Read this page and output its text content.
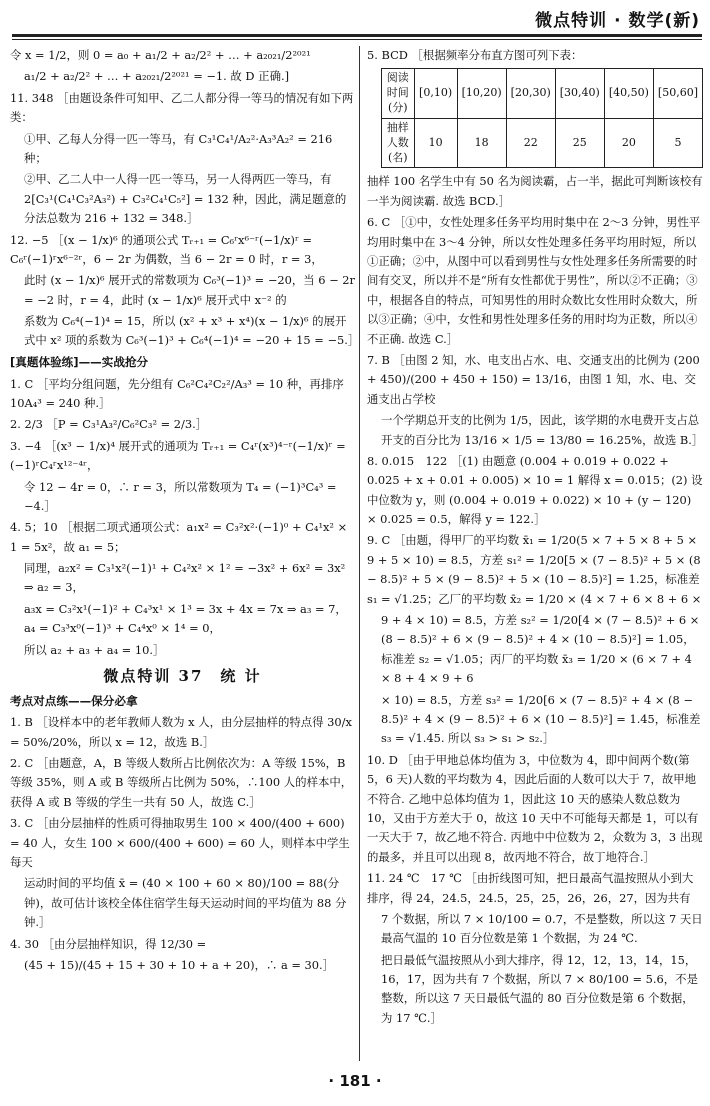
微点特训 · 数学(新)

令 x = 1/2，则 0 = a₀ + a₁/2 + a₂/2² + … + a₂₀₂₁/2²⁰²¹

a₁/2 + a₂/2² + … + a₂₀₂₁/2²⁰²¹ = −1. 故 D 正确.]

11. 348 ［由题设条件可知甲、乙二人都分得一等马的情况有如下两类：

①甲、乙每人分得一匹一等马，有 C₃¹C₄¹/A₂²·A₃³A₂² = 216 种；

②甲、乙二人中一人得一匹一等马，另一人得两匹一等马，有 2[C₃¹(C₄¹C₃²A₃²) + C₃²C₄¹C₅²] = 132 种，因此，满足题意的分法总数为 216 + 132 = 348.］

12. −5 ［(x − 1/x)⁶ 的通项公式 Tᵣ₊₁ = C₆ʳx⁶⁻ʳ(−1/x)ʳ = C₆ʳ(−1)ʳx⁶⁻²ʳ，6 − 2r 为偶数，当 6 − 2r = 0 时，r = 3，

此时 (x − 1/x)⁶ 展开式的常数项为 C₆³(−1)³ = −20，当 6 − 2r = −2 时，r = 4，此时 (x − 1/x)⁶ 展开式中 x⁻² 的

系数为 C₆⁴(−1)⁴ = 15，所以 (x² + x³ + x⁴)(x − 1/x)⁶ 的展开式中 x² 项的系数为 C₆³(−1)³ + C₆⁴(−1)⁴ = −20 + 15 = −5.］

[真题体验练]——实战抢分

1. C ［平均分组问题，先分组有 C₆²C₄²C₂²/A₃³ = 10 种，再排序 10A₄³ = 240 种.］

2. 2/3 ［P = C₃¹A₃²/C₆²C₃² = 2/3.］

3. −4 ［(x³ − 1/x)⁴ 展开式的通项为 Tᵣ₊₁ = C₄ʳ(x³)⁴⁻ʳ(−1/x)ʳ = (−1)ʳC₄ʳx¹²⁻⁴ʳ，

令 12 − 4r = 0，∴ r = 3，所以常数项为 T₄ = (−1)³C₄³ = −4.］

4. 5；10 ［根据二项式通项公式：a₁x² = C₃²x²·(−1)⁰ + C₄¹x² × 1 = 5x²，故 a₁ = 5；

同理，a₂x² = C₃¹x²(−1)¹ + C₄²x² × 1² = −3x² + 6x² = 3x² ⇒ a₂ = 3，

a₃x = C₃²x¹(−1)² + C₄³x¹ × 1³ = 3x + 4x = 7x ⇒ a₃ = 7，a₄ = C₃³x⁰(−1)³ + C₄⁴x⁰ × 1⁴ = 0，

所以 a₂ + a₃ + a₄ = 10.］

微点特训 37　统 计

考点对点练——保分必拿

1. B ［设样本中的老年教师人数为 x 人，由分层抽样的特点得 30/x = 50%/20%，所以 x = 12，故选 B.］

2. C ［由题意，A，B 等级人数所占比例依次为：A 等级 15%，B 等级 35%，则 A 或 B 等级所占比例为 50%，∴100 人的样本中，获得 A 或 B 等级的学生一共有 50 人，故选 C.］

3. C ［由分层抽样的性质可得抽取男生 100 × 400/(400 + 600) = 40 人，女生 100 × 600/(400 + 600) = 60 人，则样本中学生每天

运动时间的平均值 x̄ = (40 × 100 + 60 × 80)/100 = 88(分钟)，故可估计该校全体住宿学生每天运动时间的平均值为 88 分钟.］

4. 30 ［由分层抽样知识，得 12/30 =

(45 + 15)/(45 + 15 + 30 + 10 + a + 20)，∴ a = 30.］

5. BCD ［根据频率分布直方图可列下表：

阅读时间(分)	[0,10)	[10,20)	[20,30)	[30,40)	[40,50)	[50,60]
抽样人数(名)	10	18	22	25	20	5

抽样 100 名学生中有 50 名为阅读霸，占一半，据此可判断该校有一半为阅读霸. 故选 BCD.］

6. C ［①中，女性处理多任务平均用时集中在 2～3 分钟，男性平均用时集中在 3～4 分钟，所以女性处理多任务平均用时短，所以①正确；②中，从图中可以看到男性与女性处理多任务所需要的时间有交叉，所以并不是“所有女性都优于男性”，所以②不正确；③中，根据各自的特点，可知男性的用时众数比女性用时众数大，所以③正确；④中，女性和男性处理多任务的用时均为正数，所以④不正确. 故选 C.］

7. B ［由图 2 知，水、电支出占水、电、交通支出的比例为 (200 + 450)/(200 + 450 + 150) = 13/16，由图 1 知，水、电、交通支出占学校

一个学期总开支的比例为 1/5，因此，该学期的水电费开支占总开支的百分比为 13/16 × 1/5 = 13/80 = 16.25%，故选 B.］

8. 0.015　122 ［(1) 由题意 (0.004 + 0.019 + 0.022 + 0.025 + x + 0.01 + 0.005) × 10 = 1 解得 x = 0.015；(2) 设中位数为 y，则 (0.004 + 0.019 + 0.022) × 10 + (y − 120) × 0.025 = 0.5，解得 y = 122.］

9. C ［由题，得甲厂的平均数 x̄₁ = 1/20(5 × 7 + 5 × 8 + 5 × 9 + 5 × 10) = 8.5，方差 s₁² = 1/20[5 × (7 − 8.5)² + 5 × (8 − 8.5)² + 5 × (9 − 8.5)² + 5 × (10 − 8.5)²] = 1.25，标准差 s₁ = √1.25；乙厂的平均数 x̄₂ = 1/20 × (4 × 7 + 6 × 8 + 6 ×

9 + 4 × 10) = 8.5，方差 s₂² = 1/20[4 × (7 − 8.5)² + 6 × (8 − 8.5)² + 6 × (9 − 8.5)² + 4 × (10 − 8.5)²] = 1.05，标准差 s₂ = √1.05；丙厂的平均数 x̄₃ = 1/20 × (6 × 7 + 4 × 8 + 4 × 9 + 6

× 10) = 8.5，方差 s₃² = 1/20[6 × (7 − 8.5)² + 4 × (8 − 8.5)² + 4 × (9 − 8.5)² + 6 × (10 − 8.5)²] = 1.45，标准差 s₃ = √1.45. 所以 s₃ > s₁ > s₂.］

10. D ［由于甲地总体均值为 3，中位数为 4，即中间两个数(第 5，6 天)人数的平均数为 4，因此后面的人数可以大于 7，故甲地不符合. 乙地中总体均值为 1，因此这 10 天的感染人数总数为 10，又由于方差大于 0，故这 10 天中不可能每天都是 1，可以有一天大于 7，故乙地不符合. 丙地中中位数为 2，众数为 3，3 出现的最多，并且可以出现 8，故丙地不符合，故丁地符合.］

11. 24 ℃　17 ℃ ［由折线图可知，把日最高气温按照从小到大排序，得 24，24.5，24.5，25，25，26，26，27，因为共有

7 个数据，所以 7 × 10/100 = 0.7，不是整数，所以这 7 天日最高气温的 10 百分位数是第 1 个数据，为 24 ℃.

把日最低气温按照从小到大排序，得 12，12，13，14，15，16，17，因为共有 7 个数据，所以 7 × 80/100 = 5.6，不是整数，所以这 7 天日最低气温的 80 百分位数是第 6 个数据，为 17 ℃.］

· 181 ·
